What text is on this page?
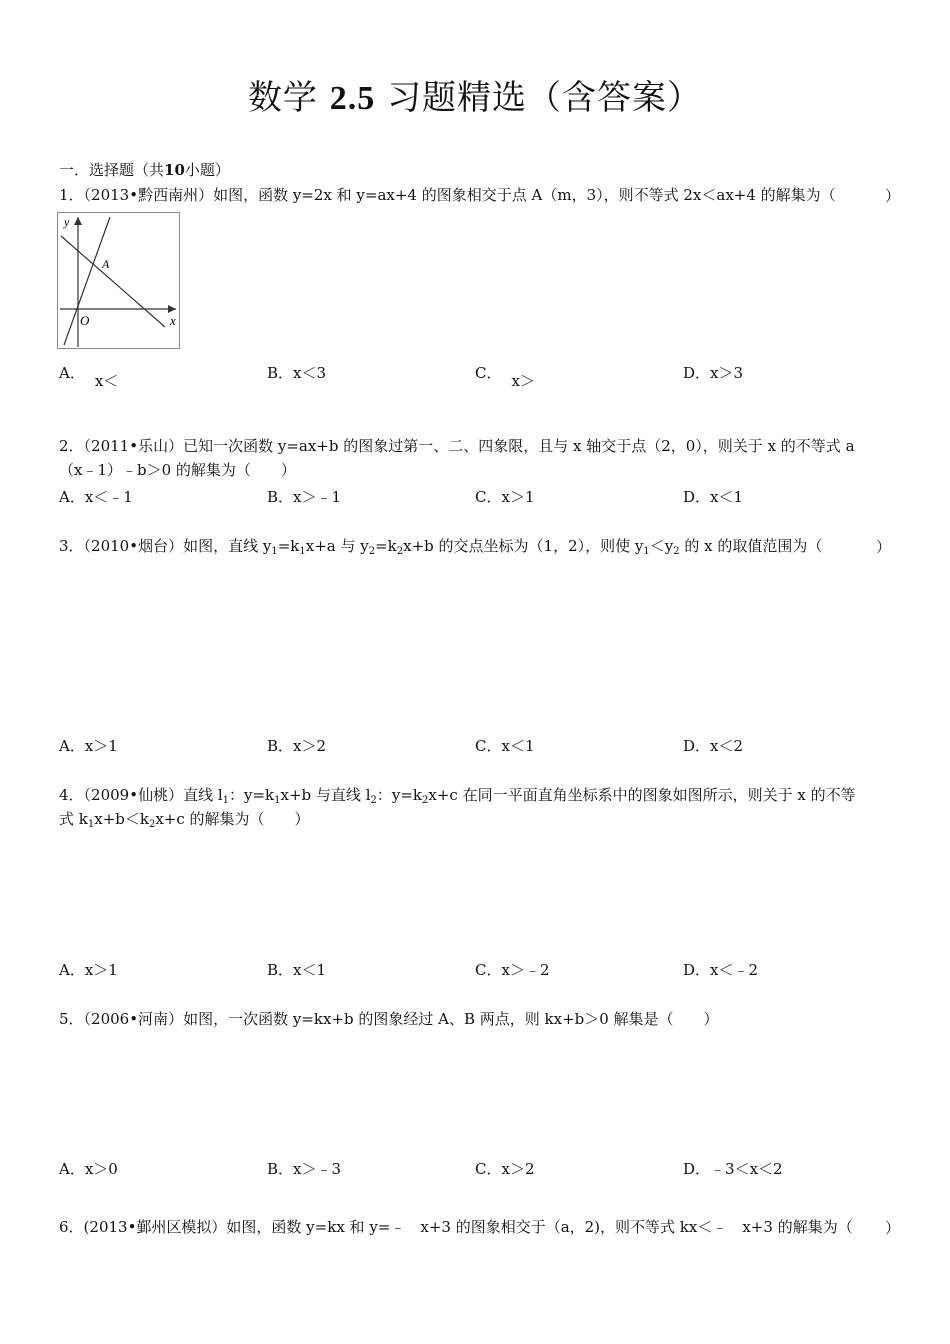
数学 2.5 习题精选（含答案）
一．选择题（共10小题）
1．（2013•黔西南州）如图，函数 y=2x 和 y=ax+4 的图象相交于点 A（m，3），则不等式 2x＜ax+4 的解集为（	）
y
x
O
A
A． x＜	B．x＜3	C． x＞	D．x＞3
2．（2011•乐山）已知一次函数 y=ax+b 的图象过第一、二、四象限，且与 x 轴交于点（2，0），则关于 x 的不等式 a
（x﹣1）﹣b＞0 的解集为（　　）
A．x＜﹣1	B．x＞﹣1	C．x＞1	D．x＜1
3．（2010•烟台）如图，直线 $y_1=k_1x+a$ 与 $y_2=k_2x+b$ 的交点坐标为（1，2），则使 $y_1<y_2$ 的 x 的取值范围为（	）
A．x＞1	B．x＞2	C．x＜1	D．x＜2
4．（2009•仙桃）直线 $l_1$：$y=k_1x+b$ 与直线 $l_2$：$y=k_2x+c$ 在同一平面直角坐标系中的图象如图所示，则关于 x 的不等
式 $k_1x+b<k_2x+c$ 的解集为（　　）
A．x＞1	B．x＜1	C．x＞﹣2	D．x＜﹣2
5．（2006•河南）如图，一次函数 y=kx+b 的图象经过 A、B 两点，则 kx+b＞0 解集是（　　）
A．x＞0	B．x＞﹣3	C．x＞2	D．﹣3＜x＜2
6．(2013•鄞州区模拟）如图，函数 y=kx 和 y=﹣　x+3 的图象相交于（a，2)，则不等式 kx＜﹣　x+3 的解集为（ ）
